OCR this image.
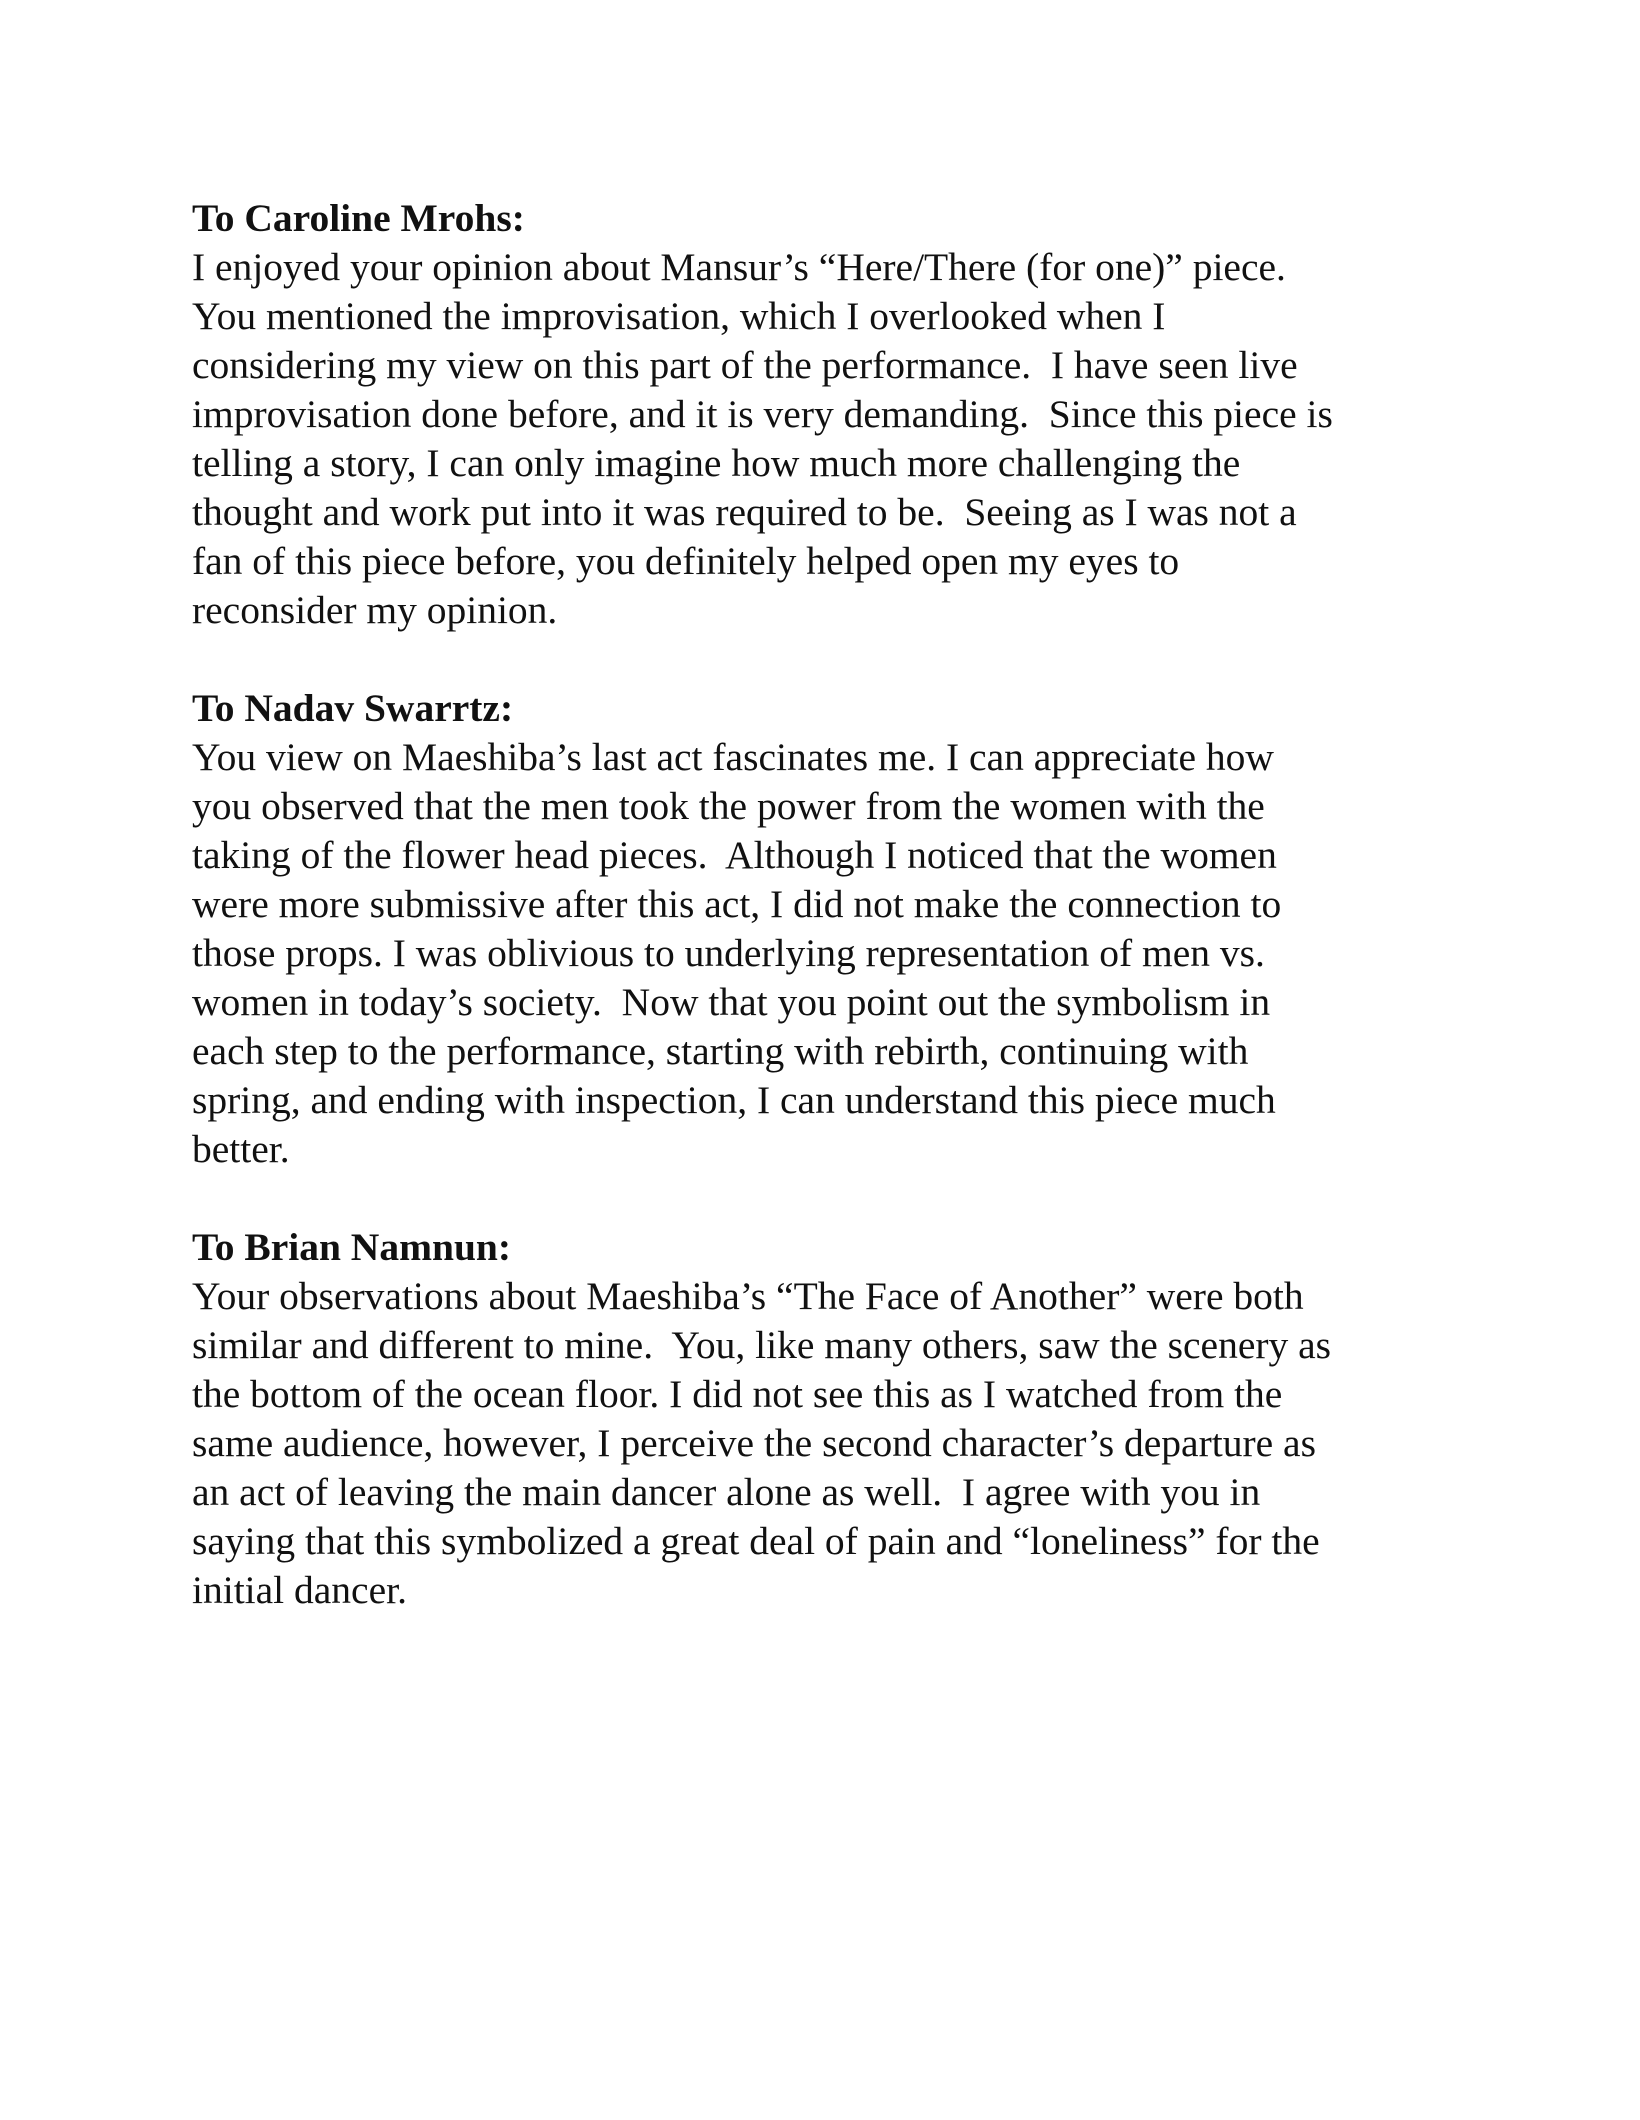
To Caroline Mrohs:
I enjoyed your opinion about Mansur’s “Here/There (for one)” piece.
You mentioned the improvisation, which I overlooked when I
considering my view on this part of the performance.  I have seen live
improvisation done before, and it is very demanding.  Since this piece is
telling a story, I can only imagine how much more challenging the
thought and work put into it was required to be.  Seeing as I was not a
fan of this piece before, you definitely helped open my eyes to
reconsider my opinion.
To Nadav Swarrtz:
You view on Maeshiba’s last act fascinates me. I can appreciate how
you observed that the men took the power from the women with the
taking of the flower head pieces.  Although I noticed that the women
were more submissive after this act, I did not make the connection to
those props. I was oblivious to underlying representation of men vs.
women in today’s society.  Now that you point out the symbolism in
each step to the performance, starting with rebirth, continuing with
spring, and ending with inspection, I can understand this piece much
better.
To Brian Namnun:
Your observations about Maeshiba’s “The Face of Another” were both
similar and different to mine.  You, like many others, saw the scenery as
the bottom of the ocean floor. I did not see this as I watched from the
same audience, however, I perceive the second character’s departure as
an act of leaving the main dancer alone as well.  I agree with you in
saying that this symbolized a great deal of pain and “loneliness” for the
initial dancer.
